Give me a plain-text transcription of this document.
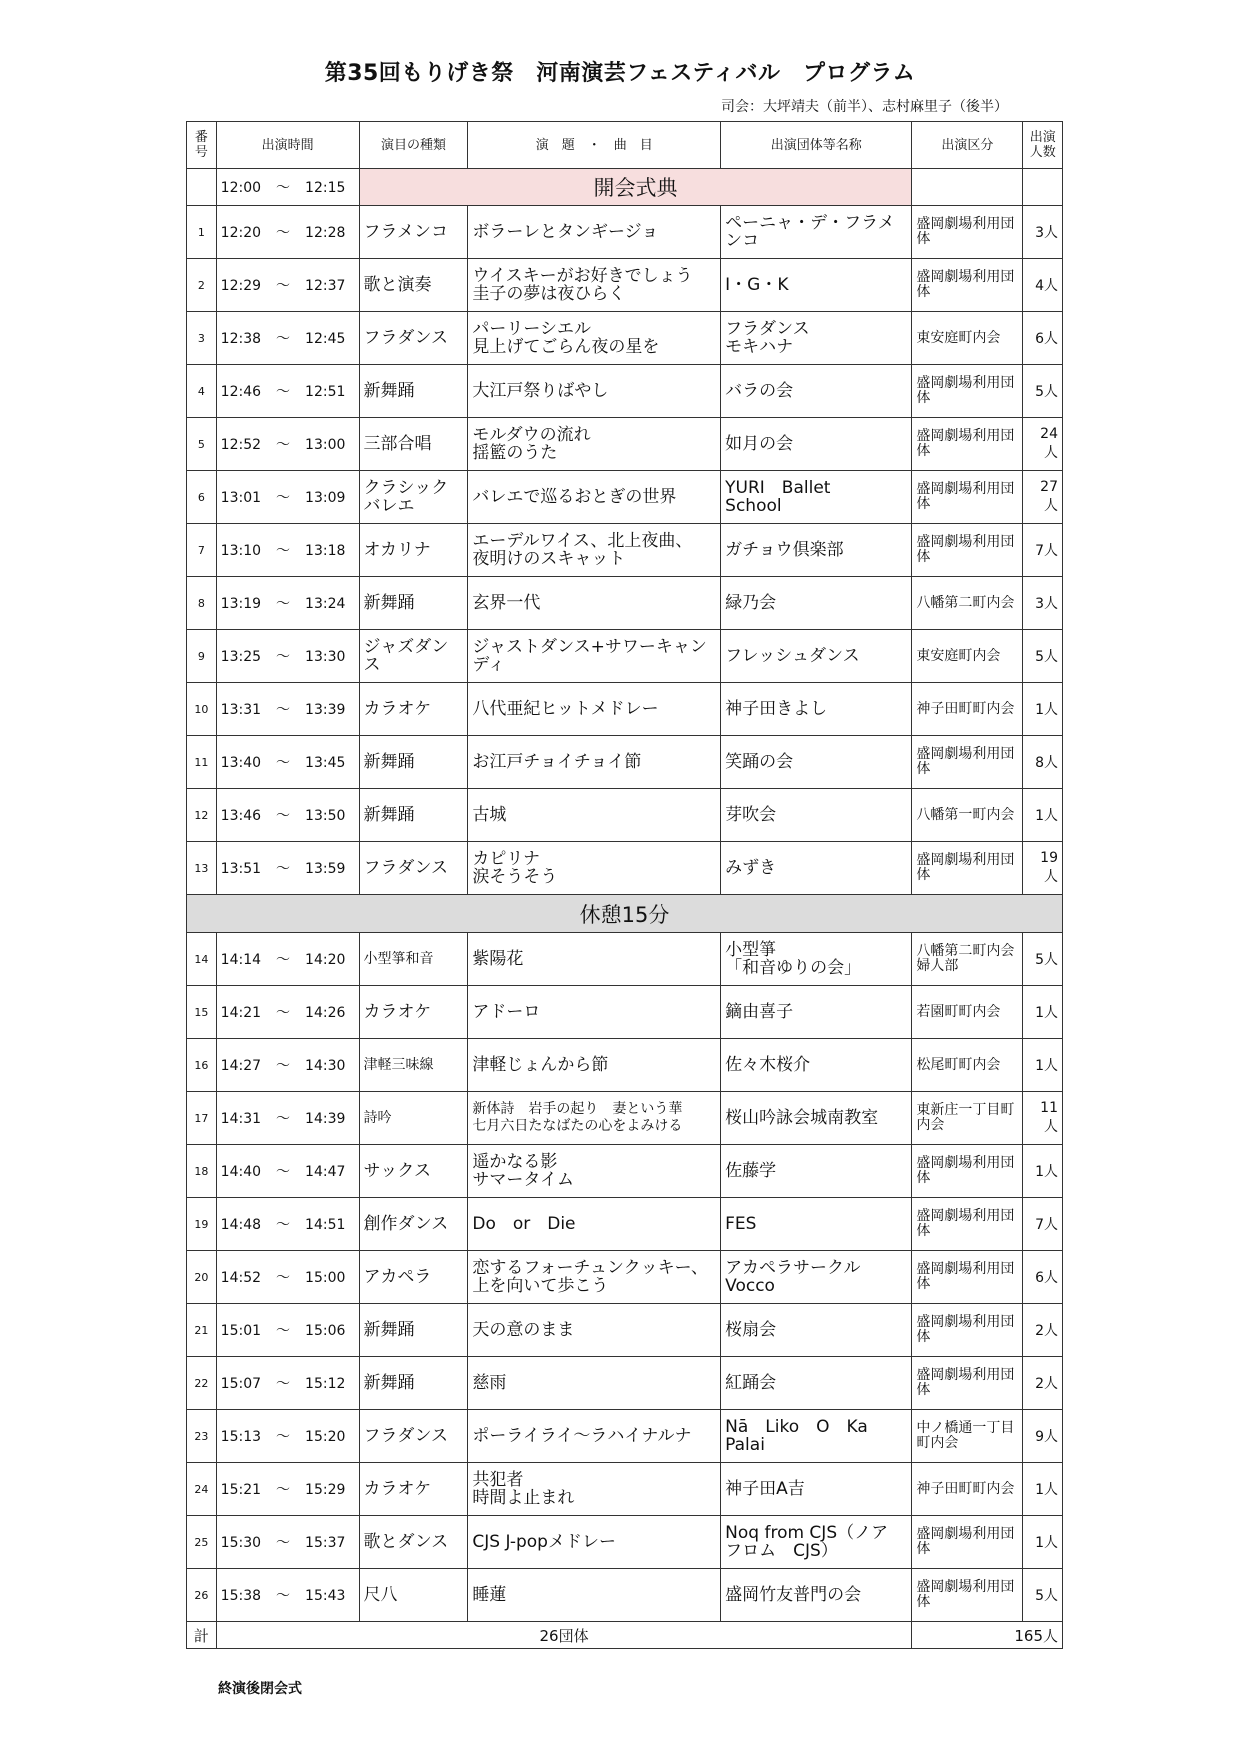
第35回もりげき祭　河南演芸フェスティバル　プログラム
司会：大坪靖夫（前半）、志村麻里子（後半）
番
号	出演時間	演目の種類	演　題　・　曲　目	出演団体等名称	出演区分	出演
人数
	12:00 ～ 12:15	開会式典				
1	12:20 ～ 12:28	フラメンコ	ボラーレとタンギージョ	ペーニャ・デ・フラメンコ	盛岡劇場利用団体	3人
2	12:29 ～ 12:37	歌と演奏	ウイスキーがお好きでしょう
圭子の夢は夜ひらく	I・G・K	盛岡劇場利用団体	4人
3	12:38 ～ 12:45	フラダンス	パーリーシエル
見上げてごらん夜の星を	フラダンス
モキハナ	東安庭町内会	6人
4	12:46 ～ 12:51	新舞踊	大江戸祭りばやし	バラの会	盛岡劇場利用団体	5人
5	12:52 ～ 13:00	三部合唱	モルダウの流れ
揺籃のうた	如月の会	盛岡劇場利用団体	24人
6	13:01 ～ 13:09	クラシックバレエ	バレエで巡るおとぎの世界	YURI　Ballet
School	盛岡劇場利用団体	27人
7	13:10 ～ 13:18	オカリナ	エーデルワイス、北上夜曲、
夜明けのスキャット	ガチョウ倶楽部	盛岡劇場利用団体	7人
8	13:19 ～ 13:24	新舞踊	玄界一代	緑乃会	八幡第二町内会	3人
9	13:25 ～ 13:30	ジャズダンス	ジャストダンス+サワーキャンディ	フレッシュダンス	東安庭町内会	5人
10	13:31 ～ 13:39	カラオケ	八代亜紀ヒットメドレー	神子田きよし	神子田町町内会	1人
11	13:40 ～ 13:45	新舞踊	お江戸チョイチョイ節	笑踊の会	盛岡劇場利用団体	8人
12	13:46 ～ 13:50	新舞踊	古城	芽吹会	八幡第一町内会	1人
13	13:51 ～ 13:59	フラダンス	カピリナ
涙そうそう	みずき	盛岡劇場利用団体	19人
休憩15分						
14	14:14 ～ 14:20	小型箏和音	紫陽花	小型箏
「和音ゆりの会」	八幡第二町内会婦人部	5人
15	14:21 ～ 14:26	カラオケ	アドーロ	鏑由喜子	若園町町内会	1人
16	14:27 ～ 14:30	津軽三味線	津軽じょんから節	佐々木桜介	松尾町町内会	1人
17	14:31 ～ 14:39	詩吟	新体詩　岩手の起り　妻という華
七月六日たなばたの心をよみける	桜山吟詠会城南教室	東新庄一丁目町内会	11人
18	14:40 ～ 14:47	サックス	遥かなる影
サマータイム	佐藤学	盛岡劇場利用団体	1人
19	14:48 ～ 14:51	創作ダンス	Do　or　Die	FES	盛岡劇場利用団体	7人
20	14:52 ～ 15:00	アカペラ	恋するフォーチュンクッキー、
上を向いて歩こう	アカペラサークル
Vocco	盛岡劇場利用団体	6人
21	15:01 ～ 15:06	新舞踊	天の意のまま	桜扇会	盛岡劇場利用団体	2人
22	15:07 ～ 15:12	新舞踊	慈雨	紅踊会	盛岡劇場利用団体	2人
23	15:13 ～ 15:20	フラダンス	ポーライライ～ラハイナルナ	Nā　Liko　O　Ka
Palai	中ノ橋通一丁目町内会	9人
24	15:21 ～ 15:29	カラオケ	共犯者
時間よ止まれ	神子田A吉	神子田町町内会	1人
25	15:30 ～ 15:37	歌とダンス	CJS J-popメドレー	Noq from CJS（ノア　フロム　CJS）	盛岡劇場利用団体	1人
26	15:38 ～ 15:43	尺八	睡蓮	盛岡竹友普門の会	盛岡劇場利用団体	5人
計	26団体				165人	
終演後閉会式
